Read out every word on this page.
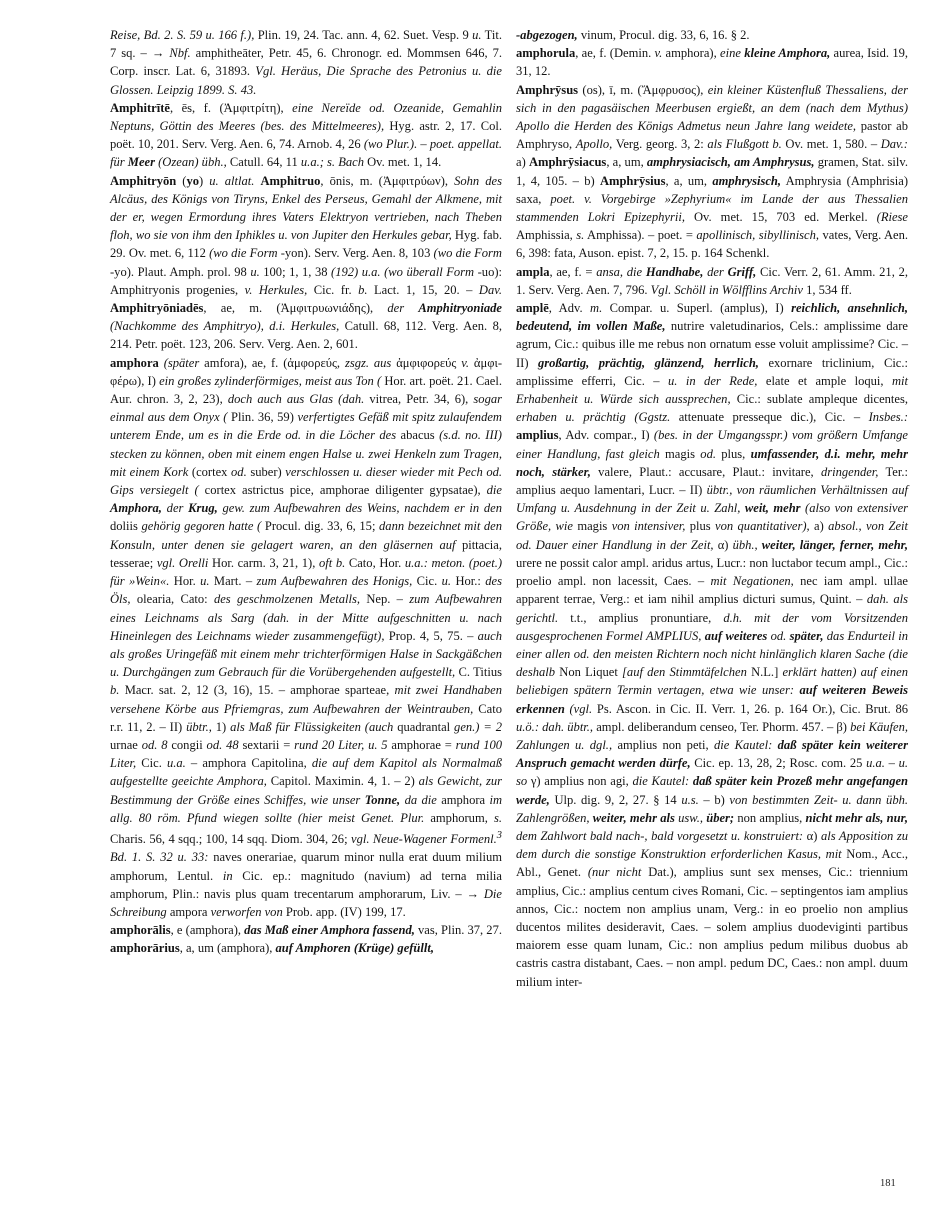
Reise, Bd. 2. S. 59 u. 166 f.), Plin. 19, 24. Tac. ann. 4, 62. Suet. Vesp. 9 u. Tit. 7 sq. – → Nbf. amphitheāter, Petr. 45, 6. Chronogr. ed. Mommsen 646, 7. Corp. inscr. Lat. 6, 31893. Vgl. Heräus, Die Sprache des Petronius u. die Glossen. Leipzig 1899. S. 43.

Amphitrītē, ēs, f. (Ἀμφιτρίτη), eine Nereïde od. Ozeanide, Gemahlin Neptuns, Göttin des Meeres (bes. des Mittelmeeres), Hyg. astr. 2, 17. Col. poët. 10, 201. Serv. Verg. Aen. 6, 74. Arnob. 4, 26 (wo Plur.). – poet. appellat. für Meer (Ozean) übh., Catull. 64, 11 u.a.; s. Bach Ov. met. 1, 14.

Amphitryōn (yo) u. altlat. Amphitruo, ōnis, m. (Ἀμφιτρύων), Sohn des Alcäus, des Königs von Tiryns, Enkel des Perseus, Gemahl der Alkmene, mit der er, wegen Ermordung ihres Vaters Elektryon vertrieben, nach Theben floh, wo sie von ihm den Iphikles u. von Jupiter den Herkules gebar, Hyg. fab. 29. Ov. met. 6, 112 (wo die Form -yon). Serv. Verg. Aen. 8, 103 (wo die Form -yo). Plaut. Amph. prol. 98 u. 100; 1, 1, 38 (192) u.a. (wo überall Form -uo): Amphitryonis progenies, v. Herkules, Cic. fr. b. Lact. 1, 15, 20. – Dav. Amphitryōniadēs, ae, m. (Ἀμφιτρυωνιάδης), der Amphitryoniade (Nachkomme des Amphitryo), d.i. Herkules, Catull. 68, 112. Verg. Aen. 8, 214. Petr. poët. 123, 206. Serv. Verg. Aen. 2, 601.

amphora (später amfora), ae, f. (ἀμφορεύς, zsgz. aus ἀμφιφορεύς v. ἀμφι-φέρω), I) ein großes zylinderförmiges, meist aus Ton ( Hor. art. poët. 21. Cael. Aur. chron. 3, 2, 23), doch auch aus Glas (dah. vitrea, Petr. 34, 6), sogar einmal aus dem Onyx ( Plin. 36, 59) verfertigtes Gefäß mit spitz zulaufendem unterem Ende, um es in die Erde od. in die Löcher des abacus (s.d. no. III) stecken zu können, oben mit einem engen Halse u. zwei Henkeln zum Tragen, mit einem Kork (cortex od. suber) verschlossen u. dieser wieder mit Pech od. Gips versiegelt ( cortex astrictus pice, amphorae diligenter gypsatae), die Amphora, der Krug, gew. zum Aufbewahren des Weins, nachdem er in den doliis gehörig gegoren hatte ( Procul. dig. 33, 6, 15; dann bezeichnet mit den Konsuln, unter denen sie gelagert waren, an den gläsernen auf pittacia, tesserae; vgl. Orelli Hor. carm. 3, 21, 1), oft b. Cato, Hor. u.a.: meton. (poet.) für »Wein«. Hor. u. Mart. – zum Aufbewahren des Honigs, Cic. u. Hor.: des Öls, olearia, Cato: des geschmolzenen Metalls, Nep. – zum Aufbewahren eines Leichnams als Sarg (dah. in der Mitte aufgeschnitten u. nach Hineinlegen des Leichnams wieder zusammengefügt), Prop. 4, 5, 75. – auch als großes Uringefäß mit einem mehr trichterförmigen Halse in Sackgäßchen u. Durchgängen zum Gebrauch für die Vorübergehenden aufgestellt, C. Titius b. Macr. sat. 2, 12 (3, 16), 15. – amphorae sparteae, mit zwei Handhaben versehene Körbe aus Pfriemgras, zum Aufbewahren der Weintrauben, Cato r.r. 11, 2. – II) übtr., 1) als Maß für Flüssigkeiten (auch quadrantal gen.) = 2 urnae od. 8 congii od. 48 sextarii = rund 20 Liter, u. 5 amphorae = rund 100 Liter, Cic. u.a. – amphora Capitolina, die auf dem Kapitol als Normalmaß aufgestellte geeichte Amphora, Capitol. Maximin. 4, 1. – 2) als Gewicht, zur Bestimmung der Größe eines Schiffes, wie unser Tonne, da die amphora im allg. 80 röm. Pfund wiegen sollte (hier meist Genet. Plur. amphorum, s. Charis. 56, 4 sqq.; 100, 14 sqq. Diom. 304, 26; vgl. Neue-Wagener Formenl.$^3$ Bd. 1. S. 32 u. 33: naves onerariae, quarum minor nulla erat duum milium amphorum, Lentul. in Cic. ep.: magnitudo (navium) ad terna milia amphorum, Plin.: navis plus quam trecentarum amphorarum, Liv. – → Die Schreibung ampora verworfen von Prob. app. (IV) 199, 17.

amphorālis, e (amphora), das Maß einer Amphora fassend, vas, Plin. 37, 27.

amphorārius, a, um (amphora), auf Amphoren (Krüge) gefüllt,

-abgezogen, vinum, Procul. dig. 33, 6, 16. § 2.

amphorula, ae, f. (Demin. v. amphora), eine kleine Amphora, aurea, Isid. 19, 31, 12.

Amphrȳsus (os), ī, m. (Ἄμφρυσος), ein kleiner Küstenfluß Thessaliens, der sich in den pagasäischen Meerbusen ergießt, an dem (nach dem Mythus) Apollo die Herden des Königs Admetus neun Jahre lang weidete, pastor ab Amphryso, Apollo, Verg. georg. 3, 2: als Flußgott b. Ov. met. 1, 580. – Dav.: a) Amphrȳsiacus, a, um, amphrysiacisch, am Amphrysus, gramen, Stat. silv. 1, 4, 105. – b) Amphrȳsius, a, um, amphrysisch, Amphrysia (Amphrisia) saxa, poet. v. Vorgebirge »Zephyrium« im Lande der aus Thessalien stammenden Lokri Epizephyrii, Ov. met. 15, 703 ed. Merkel. (Riese Amphissia, s. Amphissa). – poet. = apollinisch, sibyllinisch, vates, Verg. Aen. 6, 398: fata, Auson. epist. 7, 2, 15. p. 164 Schenkl.

ampla, ae, f. = ansa, die Handhabe, der Griff, Cic. Verr. 2, 61. Amm. 21, 2, 1. Serv. Verg. Aen. 7, 796. Vgl. Schöll in Wölfflins Archiv 1, 534 ff.

amplē, Adv. m. Compar. u. Superl. (amplus), I) reichlich, ansehnlich, bedeutend, im vollen Maße, nutrire valetudinarios, Cels.: amplissime dare agrum, Cic.: quibus ille me rebus non ornatum esse voluit amplissime? Cic. – II) großartig, prächtig, glänzend, herrlich, exornare triclinium, Cic.: amplissime efferri, Cic. – u. in der Rede, elate et ample loqui, mit Erhabenheit u. Würde sich aussprechen, Cic.: sublate ampleque dicentes, erhaben u. prächtig (Ggstz. attenuate presseque dic.), Cic. – Insbes.: amplius, Adv. compar., I) (bes. in der Umgangsspr.) vom größern Umfange einer Handlung, fast gleich magis od. plus, umfassender, d.i. mehr, mehr noch, stärker, valere, Plaut.: accusare, Plaut.: invitare, dringender, Ter.: amplius aequo lamentari, Lucr. – II) übtr., von räumlichen Verhältnissen auf Umfang u. Ausdehnung in der Zeit u. Zahl, weit, mehr (also von extensiver Größe, wie magis von intensiver, plus von quantitativer), a) absol., von Zeit od. Dauer einer Handlung in der Zeit, α) übh., weiter, länger, ferner, mehr, urere ne possit calor ampl. aridus artus, Lucr.: non luctabor tecum ampl., Cic.: proelio ampl. non lacessit, Caes. – mit Negationen, nec iam ampl. ullae apparent terrae, Verg.: et iam nihil amplius dicturi sumus, Quint. – dah. als gerichtl. t.t., amplius pronuntiare, d.h. mit der vom Vorsitzenden ausgesprochenen Formel AMPLIUS, auf weiteres od. später, das Endurteil in einer allen od. den meisten Richtern noch nicht hinlänglich klaren Sache (die deshalb Non Liquet [auf den Stimmtäfelchen N.L.] erklärt hatten) auf einen beliebigen spätern Termin vertagen, etwa wie unser: auf weiteren Beweis erkennen (vgl. Ps. Ascon. in Cic. II. Verr. 1, 26. p. 164 Or.), Cic. Brut. 86 u.ö.: dah. übtr., ampl. deliberandum censeo, Ter. Phorm. 457. – β) bei Käufen, Zahlungen u. dgl., amplius non peti, die Kautel: daß später kein weiterer Anspruch gemacht werden dürfe, Cic. ep. 13, 28, 2; Rosc. com. 25 u.a. – u. so γ) amplius non agi, die Kautel: daß später kein Prozeß mehr angefangen werde, Ulp. dig. 9, 2, 27. § 14 u.s. – b) von bestimmten Zeit- u. dann übh. Zahlengrößen, weiter, mehr als usw., über; non amplius, nicht mehr als, nur, dem Zahlwort bald nach-, bald vorgesetzt u. konstruiert: α) als Apposition zu dem durch die sonstige Konstruktion erforderlichen Kasus, mit Nom., Acc., Abl., Genet. (nur nicht Dat.), amplius sunt sex menses, Cic.: triennium amplius, Cic.: amplius centum cives Romani, Cic. – septingentos iam amplius annos, Cic.: noctem non amplius unam, Verg.: in eo proelio non amplius ducentos milites desideravit, Caes. – solem amplius duodeviginti partibus maiorem esse quam lunam, Cic.: non amplius pedum milibus duobus ab castris castra distabant, Caes. – non ampl. pedum DC, Caes.: non ampl. duum milium inter-

181
